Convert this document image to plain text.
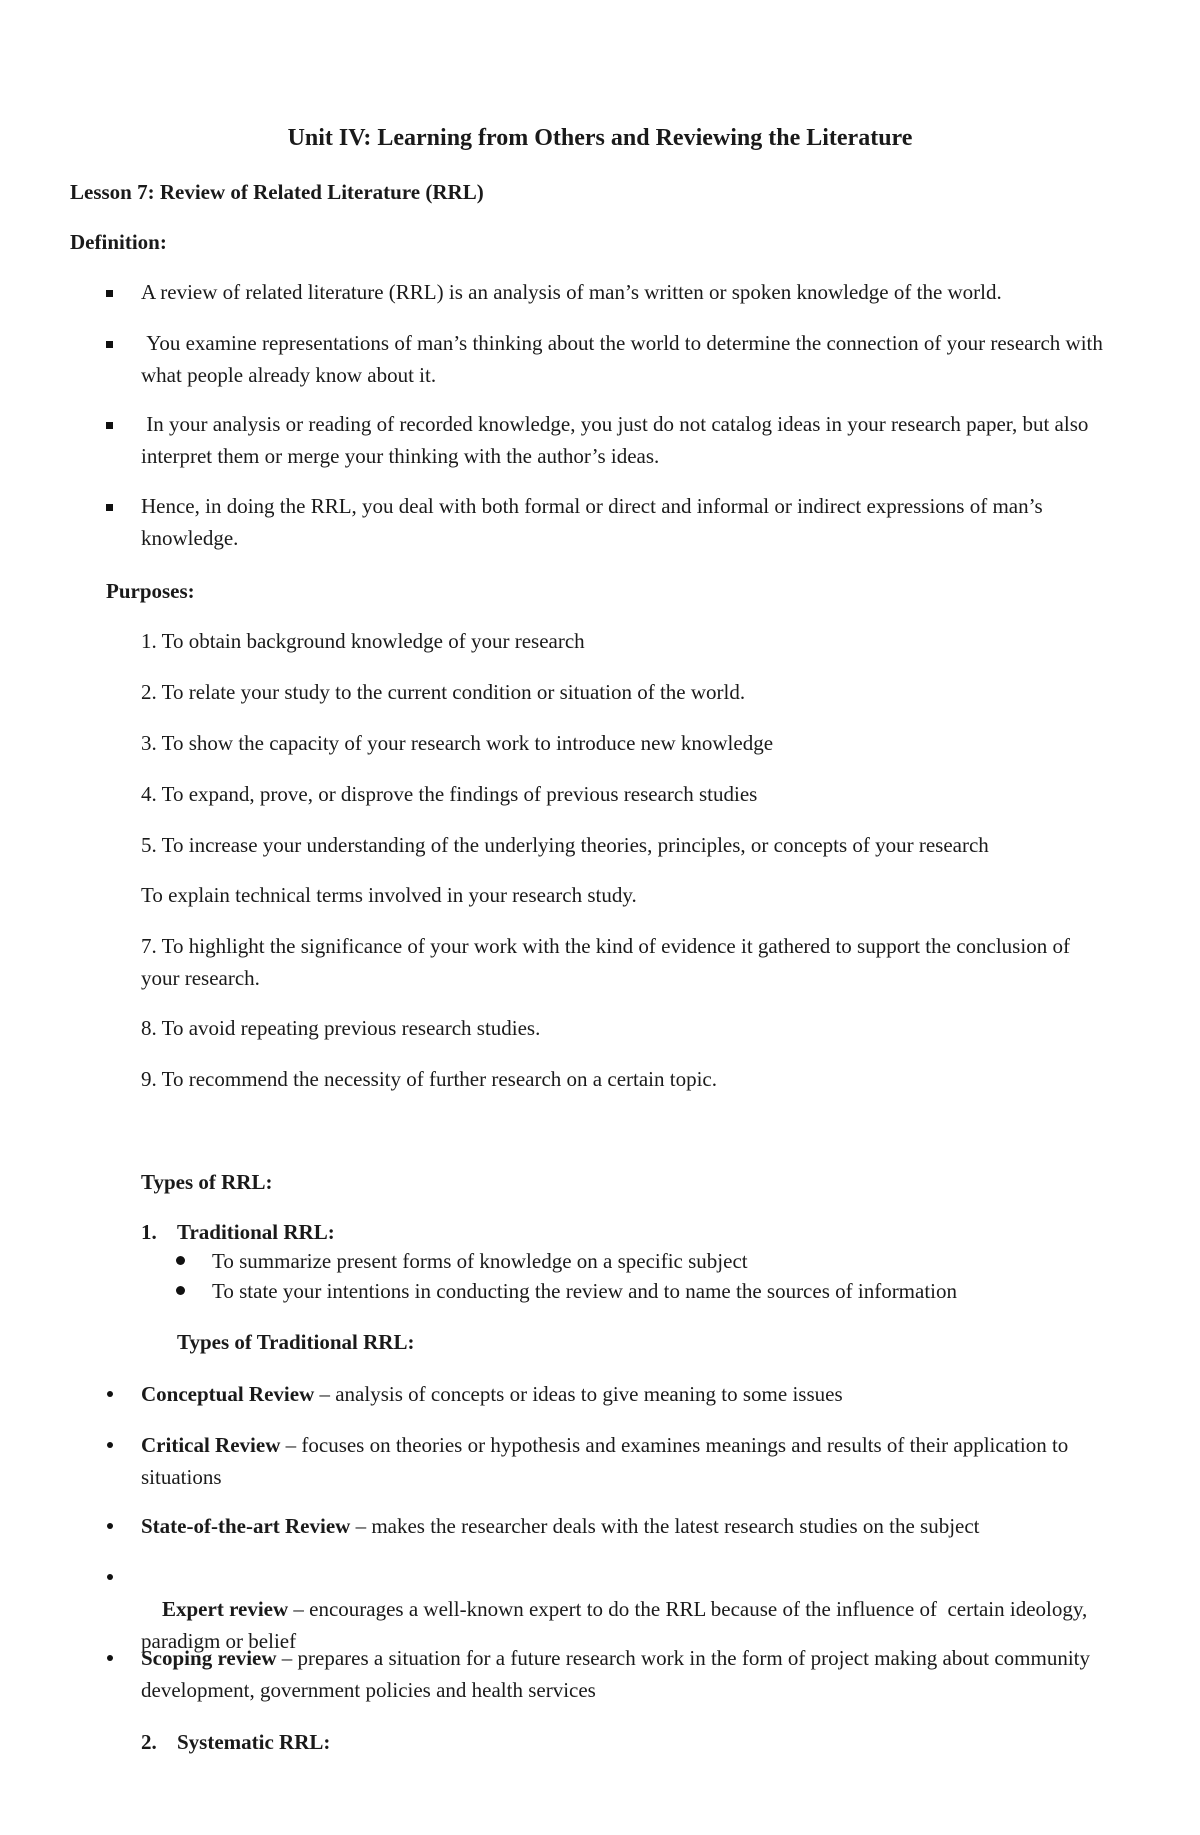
Unit IV: Learning from Others and Reviewing the Literature
Lesson 7: Review of Related Literature (RRL)
Definition:
A review of related literature (RRL) is an analysis of man’s written or spoken knowledge of the world.
You examine representations of man’s thinking about the world to determine the connection of your research with what people already know about it.
In your analysis or reading of recorded knowledge, you just do not catalog ideas in your research paper, but also interpret them or merge your thinking with the author’s ideas.
Hence, in doing the RRL, you deal with both formal or direct and informal or indirect expressions of man’s knowledge.
Purposes:
1. To obtain background knowledge of your research
2. To relate your study to the current condition or situation of the world.
3. To show the capacity of your research work to introduce new knowledge
4. To expand, prove, or disprove the findings of previous research studies
5. To increase your understanding of the underlying theories, principles, or concepts of your research
To explain technical terms involved in your research study.
7. To highlight the significance of your work with the kind of evidence it gathered to support the conclusion of your research.
8. To avoid repeating previous research studies.
9. To recommend the necessity of further research on a certain topic.
Types of RRL:
1. Traditional RRL:
To summarize present forms of knowledge on a specific subject
To state your intentions in conducting the review and to name the sources of information
Types of Traditional RRL:
Conceptual Review – analysis of concepts or ideas to give meaning to some issues
Critical Review – focuses on theories or hypothesis and examines meanings and results of their application to situations
State-of-the-art Review – makes the researcher deals with the latest research studies on the subject

Expert review – encourages a well-known expert to do the RRL because of the influence of  certain ideology, paradigm or belief

Scoping review – prepares a situation for a future research work in the form of project making about community development, government policies and health services
2. Systematic RRL:
